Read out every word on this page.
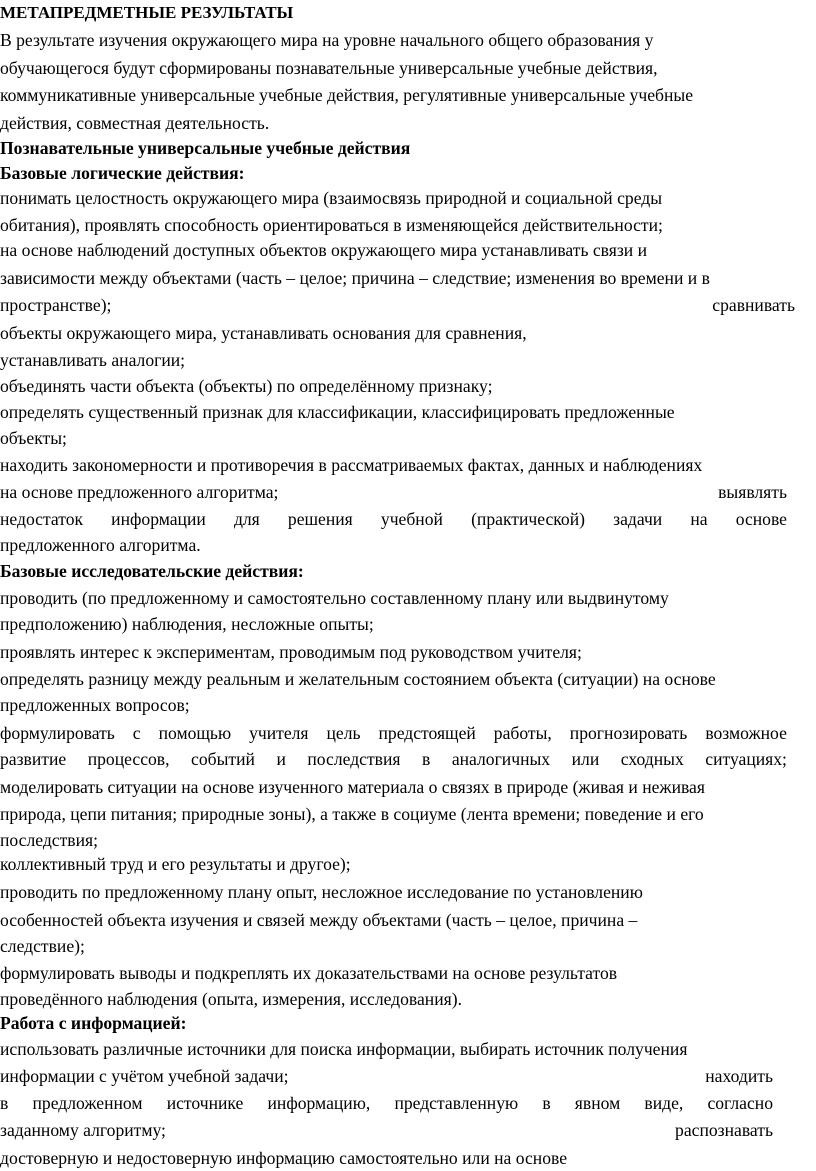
МЕТАПРЕДМЕТНЫЕ РЕЗУЛЬТАТЫ
В результате изучения окружающего мира на уровне начального общего образования у
обучающегося будут сформированы познавательные универсальные учебные действия,
коммуникативные универсальные учебные действия, регулятивные универсальные учебные
действия, совместная деятельность.
Познавательные универсальные учебные действия
Базовые логические действия:
понимать целостность окружающего мира (взаимосвязь природной и социальной среды
обитания), проявлять способность ориентироваться в изменяющейся действительности;
на основе наблюдений доступных объектов окружающего мира устанавливать связи и
зависимости между объектами (часть – целое; причина – следствие; изменения во времени и в
пространстве);	сравнивать
объекты окружающего мира, устанавливать основания для сравнения,
устанавливать аналогии;
объединять части объекта (объекты) по определённому признаку;
определять существенный признак для классификации, классифицировать предложенные
объекты;
находить закономерности и противоречия в рассматриваемых фактах, данных и наблюдениях
на основе предложенного алгоритма;	выявлять
недостаток информации для решения учебной (практической) задачи на основе
предложенного алгоритма.
Базовые исследовательские действия:
проводить (по предложенному и самостоятельно составленному плану или выдвинутому
предположению) наблюдения, несложные опыты;
проявлять интерес к экспериментам, проводимым под руководством учителя;
определять разницу между реальным и желательным состоянием объекта (ситуации) на основе
предложенных вопросов;
формулировать с помощью учителя цель предстоящей работы, прогнозировать возможное
развитие процессов, событий и последствия в аналогичных или сходных ситуациях;
моделировать ситуации на основе изученного материала о связях в природе (живая и неживая
природа, цепи питания; природные зоны), а также в социуме (лента времени; поведение и его
последствия;
коллективный труд и его результаты и другое);
проводить по предложенному плану опыт, несложное исследование по установлению
особенностей объекта изучения и связей между объектами (часть – целое, причина –
следствие);
формулировать выводы и подкреплять их доказательствами на основе результатов
проведённого наблюдения (опыта, измерения, исследования).
Работа с информацией:
использовать различные источники для поиска информации, выбирать источник получения
информации с учётом учебной задачи;	находить
в предложенном источнике информацию, представленную в явном виде, согласно
заданному алгоритму;	распознавать
достоверную и недостоверную информацию самостоятельно или на основе
